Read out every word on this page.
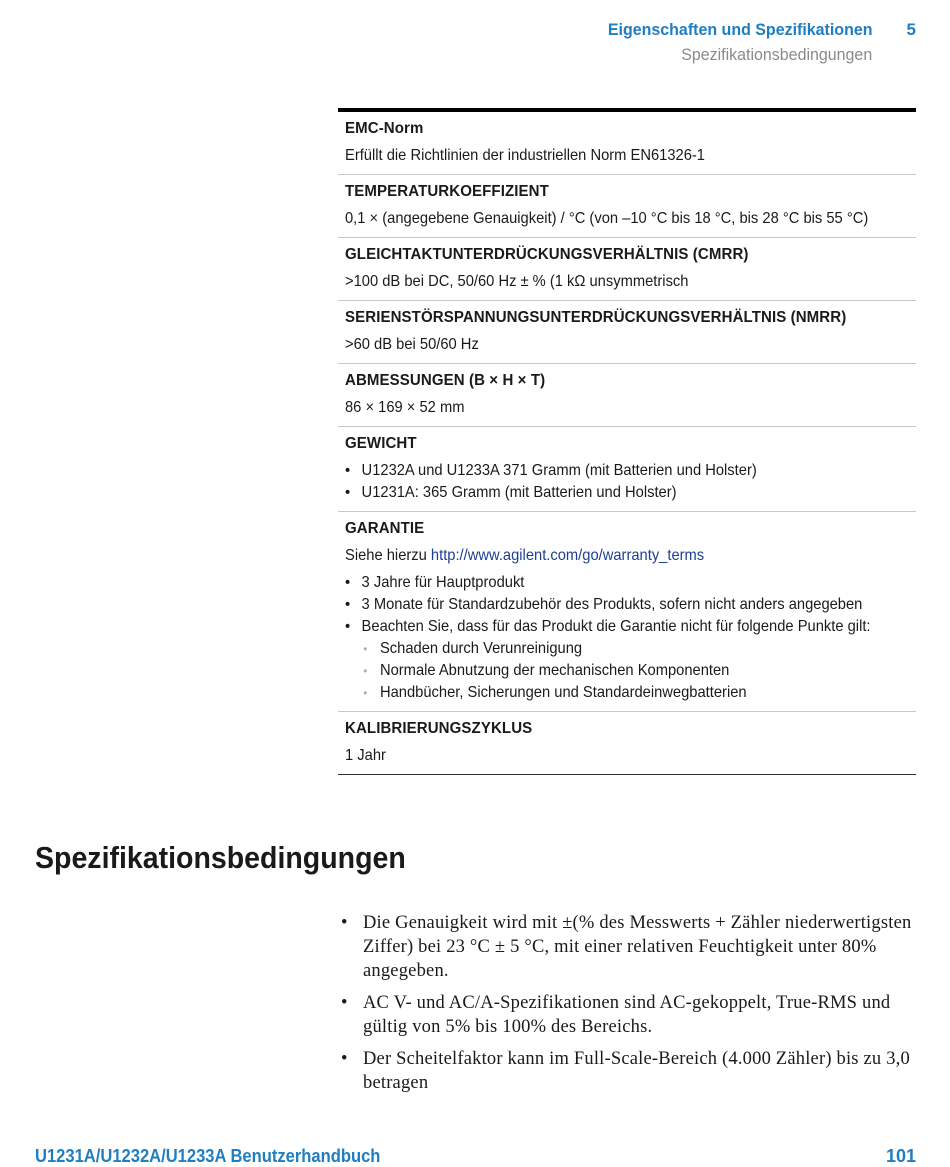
Eigenschaften und Spezifikationen 5
Spezifikationsbedingungen
EMC-Norm
Erfüllt die Richtlinien der industriellen Norm EN61326-1
TEMPERATURKOEFFIZIENT
0,1 × (angegebene Genauigkeit) / °C (von –10 °C bis 18 °C, bis 28 °C bis 55 °C)
GLEICHTAKTUNTERDRÜCKUNGSVERHÄLTNIS (CMRR)
>100 dB bei DC, 50/60 Hz ± % (1 kΩ unsymmetrisch
SERIENSTÖRSPANNUNGSUNTERDRÜCKUNGSVERHÄLTNIS (NMRR)
>60 dB bei 50/60 Hz
ABMESSUNGEN (B × H × T)
86 × 169 × 52 mm
GEWICHT
• U1232A und U1233A 371 Gramm (mit Batterien und Holster)
• U1231A: 365 Gramm (mit Batterien und Holster)
GARANTIE
Siehe hierzu http://www.agilent.com/go/warranty_terms
• 3 Jahre für Hauptprodukt
• 3 Monate für Standardzubehör des Produkts, sofern nicht anders angegeben
• Beachten Sie, dass für das Produkt die Garantie nicht für folgende Punkte gilt:
• Schaden durch Verunreinigung
• Normale Abnutzung der mechanischen Komponenten
• Handbücher, Sicherungen und Standardeinwegbatterien
KALIBRIERUNGSZYKLUS
1 Jahr
Spezifikationsbedingungen
• Die Genauigkeit wird mit ±(% des Messwerts + Zähler niederwertigsten Ziffer) bei 23 °C ± 5 °C, mit einer relativen Feuchtigkeit unter 80% angegeben.
• AC V- und AC/A-Spezifikationen sind AC-gekoppelt, True-RMS und gültig von 5% bis 100% des Bereichs.
• Der Scheitelfaktor kann im Full-Scale-Bereich (4.000 Zähler) bis zu 3,0 betragen
U1231A/U1232A/U1233A Benutzerhandbuch	101
